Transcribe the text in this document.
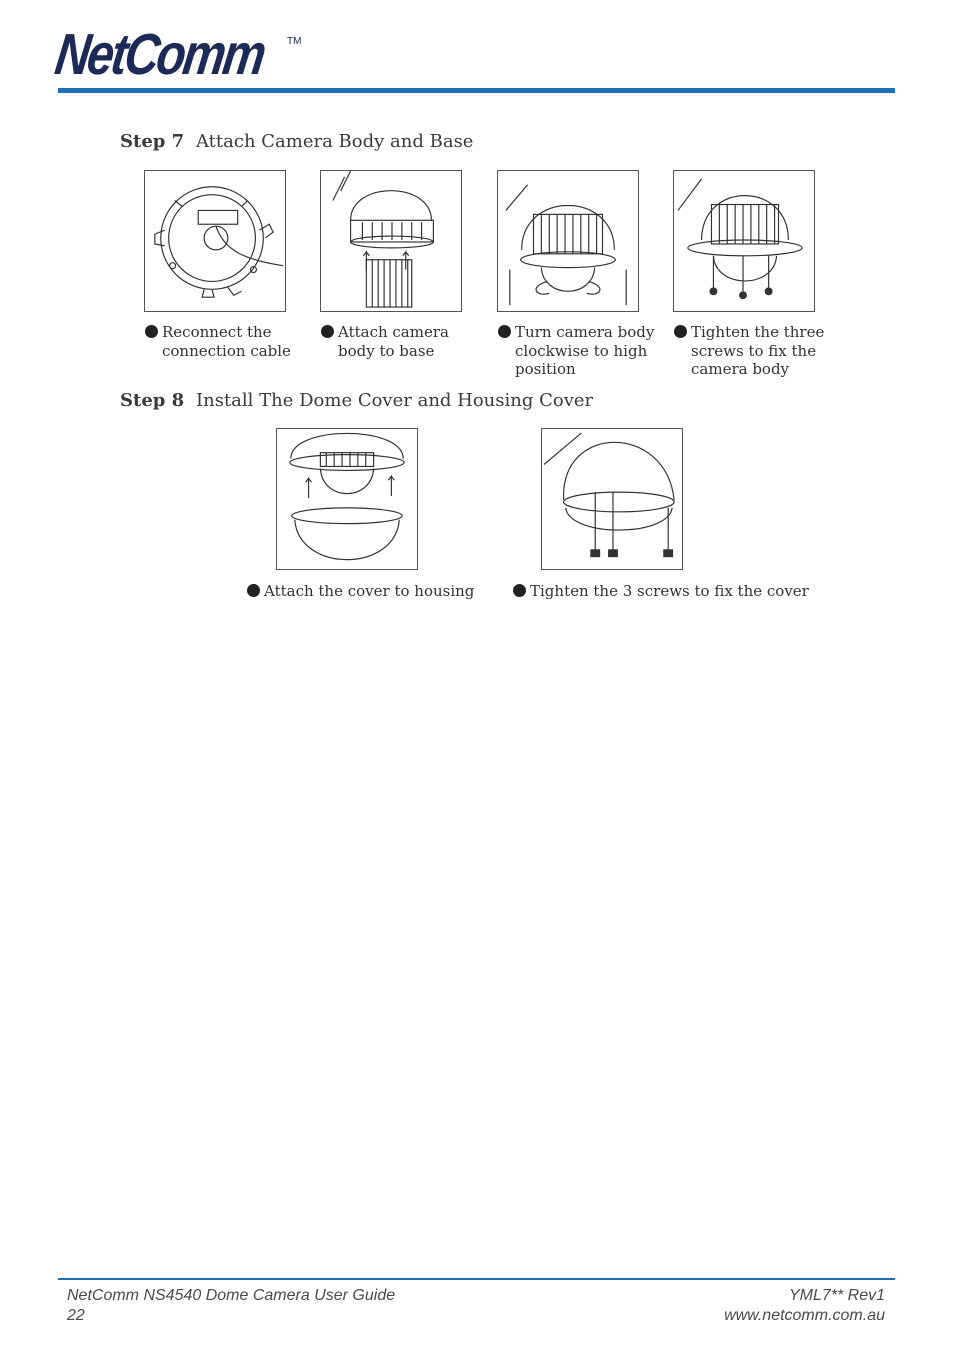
NetComm TM
Step 7 Attach Camera Body and Base
Reconnect the
connection cable
Attach camera
body to base
Turn camera body
clockwise to high
position
Tighten the three
screws to fix the
camera body
Step 8 Install The Dome Cover and Housing Cover
Attach the cover to housing	Tighten the 3 screws to fix the cover
NetComm NS4540 Dome Camera User Guide
22
YML7** Rev1
www.netcomm.com.au
